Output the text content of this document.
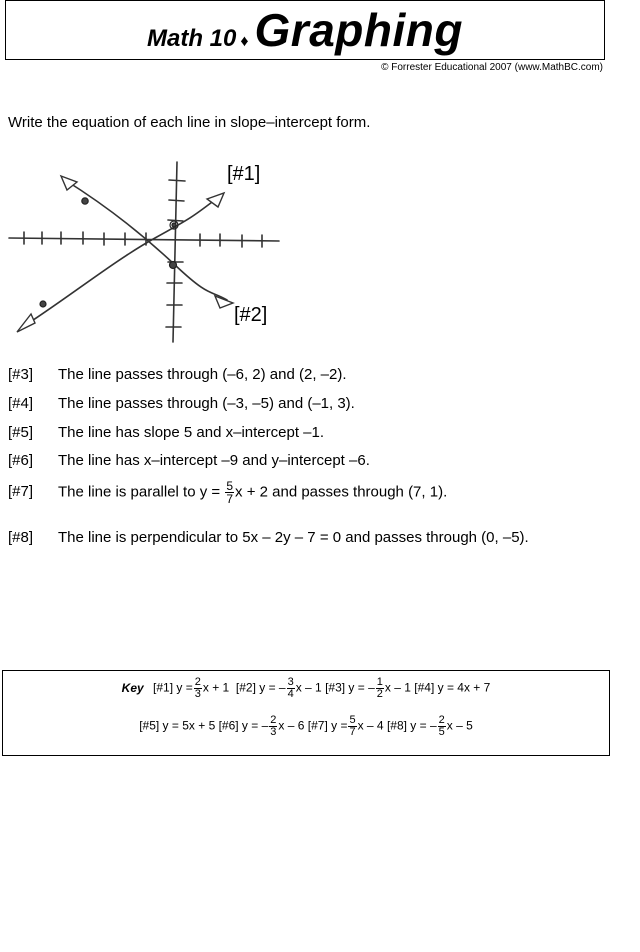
Math 10 ♦ Graphing
© Forrester Educational 2007 (www.MathBC.com)
Write the equation of each line in slope–intercept form.
[#1]
[#2]
[#3] The line passes through (–6, 2) and (2, –2).
[#4] The line passes through (–3, –5) and (–1, 3).
[#5] The line has slope 5 and x–intercept –1.
[#6] The line has x–intercept –9 and y–intercept –6.
[#7] The line is parallel to $y = \frac{5}{7}$ x + 2 and passes through (7, 1).
[#8] The line is perpendicular to 5x – 2y – 7 = 0 and passes through (0, –5).
Key [#1] $y = \frac{2}{3}$ x + 1 [#2] y = – $\frac{3}{4}$ x – 1 [#3] y = – $\frac{1}{2}$ x – 1 [#4] y = 4x + 7
[#5] y = 5x + 5 [#6] y = – $\frac{2}{3}$ x – 6 [#7] $y = \frac{5}{7}$ x – 4 [#8] y = – $\frac{2}{5}$ x – 5
